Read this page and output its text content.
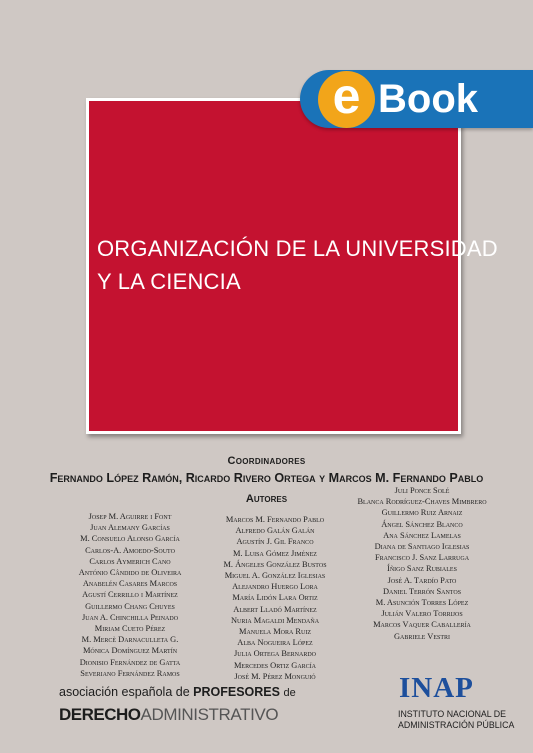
ORGANIZACIÓN DE LA UNIVERSIDAD
Y LA CIENCIA
e Book
Coordinadores
Fernando López Ramón, Ricardo Rivero Ortega y Marcos M. Fernando Pablo
Autores
Josep M. Aguirre i Font
Juan Alemany Garcías
M. Consuelo Alonso García
Carlos-A. Amoedo-Souto
Carlos Aymerich Cano
António Cândido de Oliveira
Anabelén Casares Marcos
Agustí Cerrillo i Martínez
Guillermo Chang Chuyes
Juan A. Chinchilla Peinado
Miriam Cueto Pérez
M. Mercè Darnaculleta G.
Mónica Domínguez Martín
Dionisio Fernández de Gatta
Severiano Fernández Ramos
Marcos M. Fernando Pablo
Alfredo Galán Galán
Agustín J. Gil Franco
M. Luisa Gómez Jiménez
M. Ángeles González Bustos
Miguel A. González Iglesias
Alejandro Huergo Lora
María Lidón Lara Ortiz
Albert Lladó Martínez
Nuria Magaldi Mendaña
Manuela Mora Ruiz
Alba Nogueira López
Julia Ortega Bernardo
Mercedes Ortiz García
José M. Pérez Monguió
Juli Ponce Solé
Blanca Rodríguez-Chaves Mimbrero
Guillermo Ruiz Arnaiz
Ángel Sánchez Blanco
Ana Sánchez Lamelas
Diana de Santiago Iglesias
Francisco J. Sanz Larruga
Íñigo Sanz Rubiales
José A. Tardío Pato
Daniel Terrón Santos
M. Asunción Torres López
Julián Valero Torrijos
Marcos Vaquer Caballería
Gabriele Vestri
asociación española de PROFESORES de
DERECHOADMINISTRATIVO
INAP
INSTITUTO NACIONAL DE
ADMINISTRACIÓN PÚBLICA
